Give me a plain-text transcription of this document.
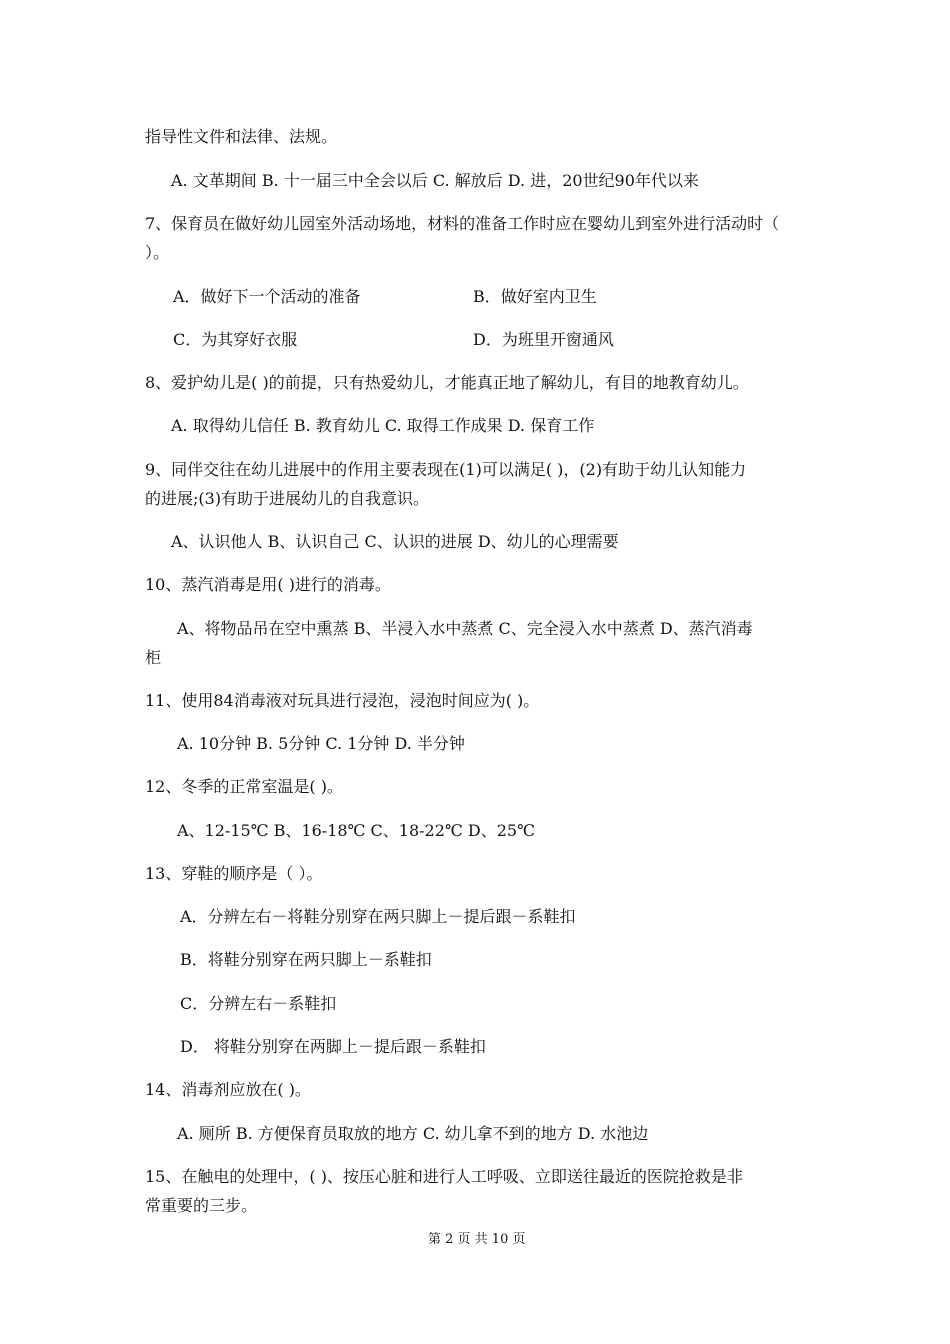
指导性文件和法律、法规。
A. 文革期间 B. 十一届三中全会以后 C. 解放后 D. 进，20世纪90年代以来
7、保育员在做好幼儿园室外活动场地，材料的准备工作时应在婴幼儿到室外进行活动时（
）。
A．做好下一个活动的准备	B．做好室内卫生
C．为其穿好衣服	D．为班里开窗通风
8、爱护幼儿是( )的前提，只有热爱幼儿，才能真正地了解幼儿，有目的地教育幼儿。
A. 取得幼儿信任 B. 教育幼儿 C. 取得工作成果 D. 保育工作
9、同伴交往在幼儿进展中的作用主要表现在(1)可以满足( )，(2)有助于幼儿认知能力
的进展;(3)有助于进展幼儿的自我意识。
A、认识他人 B、认识自己 C、认识的进展 D、幼儿的心理需要
10、蒸汽消毒是用( )进行的消毒。
A、将物品吊在空中熏蒸 B、半浸入水中蒸煮 C、完全浸入水中蒸煮 D、蒸汽消毒
柜
11、使用84消毒液对玩具进行浸泡，浸泡时间应为( )。
A. 10分钟 B. 5分钟 C. 1分钟 D. 半分钟
12、冬季的正常室温是( )。
A、12-15℃ B、16-18℃ C、18-22℃ D、25℃
13、穿鞋的顺序是（ ）。
A．分辨左右－将鞋分别穿在两只脚上－提后跟－系鞋扣
B．将鞋分别穿在两只脚上－系鞋扣
C．分辨左右－系鞋扣
D． 将鞋分别穿在两脚上－提后跟－系鞋扣
14、消毒剂应放在( )。
A. 厕所 B. 方便保育员取放的地方 C. 幼儿拿不到的地方 D. 水池边
15、在触电的处理中，( )、按压心脏和进行人工呼吸、立即送往最近的医院抢救是非
常重要的三步。
第 2 页 共 10 页
